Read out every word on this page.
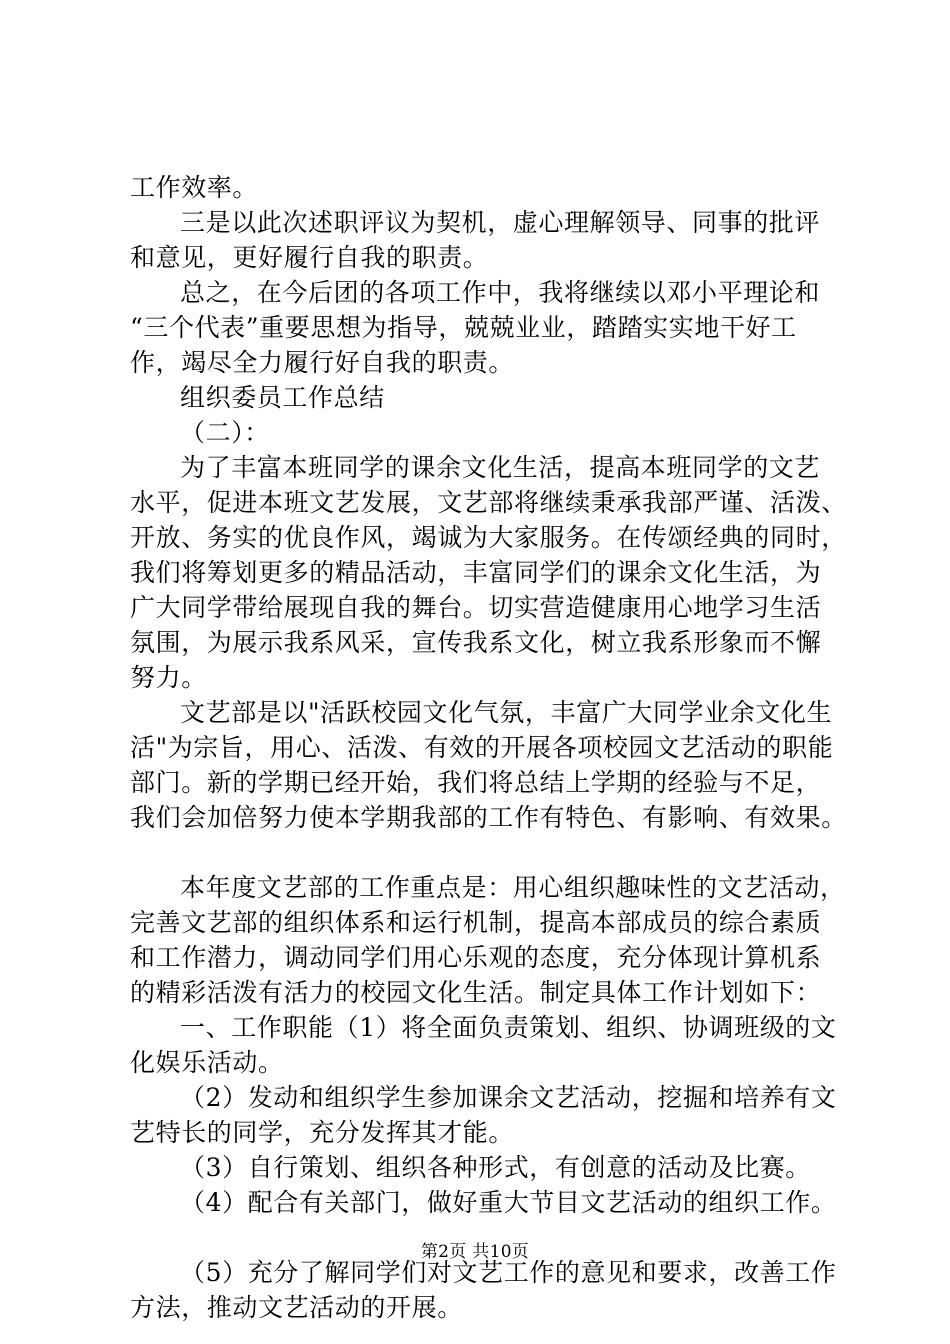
工作效率。
三是以此次述职评议为契机，虚心理解领导、同事的批评
和意见，更好履行自我的职责。
总之，在今后团的各项工作中，我将继续以邓小平理论和
“三个代表”重要思想为指导，兢兢业业，踏踏实实地干好工
作，竭尽全力履行好自我的职责。
组织委员工作总结
（二）：
为了丰富本班同学的课余文化生活，提高本班同学的文艺
水平，促进本班文艺发展，文艺部将继续秉承我部严谨、活泼、
开放、务实的优良作风，竭诚为大家服务。在传颂经典的同时，
我们将筹划更多的精品活动，丰富同学们的课余文化生活，为
广大同学带给展现自我的舞台。切实营造健康用心地学习生活
氛围，为展示我系风采，宣传我系文化，树立我系形象而不懈
努力。
文艺部是以"活跃校园文化气氛，丰富广大同学业余文化生
活"为宗旨，用心、活泼、有效的开展各项校园文艺活动的职能
部门。新的学期已经开始，我们将总结上学期的经验与不足，
我们会加倍努力使本学期我部的工作有特色、有影响、有效果。
本年度文艺部的工作重点是：用心组织趣味性的文艺活动，
完善文艺部的组织体系和运行机制，提高本部成员的综合素质
和工作潜力，调动同学们用心乐观的态度，充分体现计算机系
的精彩活泼有活力的校园文化生活。制定具体工作计划如下：
一、工作职能（1）将全面负责策划、组织、协调班级的文
化娱乐活动。
（2）发动和组织学生参加课余文艺活动，挖掘和培养有文
艺特长的同学，充分发挥其才能。
（3）自行策划、组织各种形式，有创意的活动及比赛。
（4）配合有关部门，做好重大节目文艺活动的组织工作。
（5）充分了解同学们对文艺工作的意见和要求，改善工作
方法，推动文艺活动的开展。
第2页 共10页
